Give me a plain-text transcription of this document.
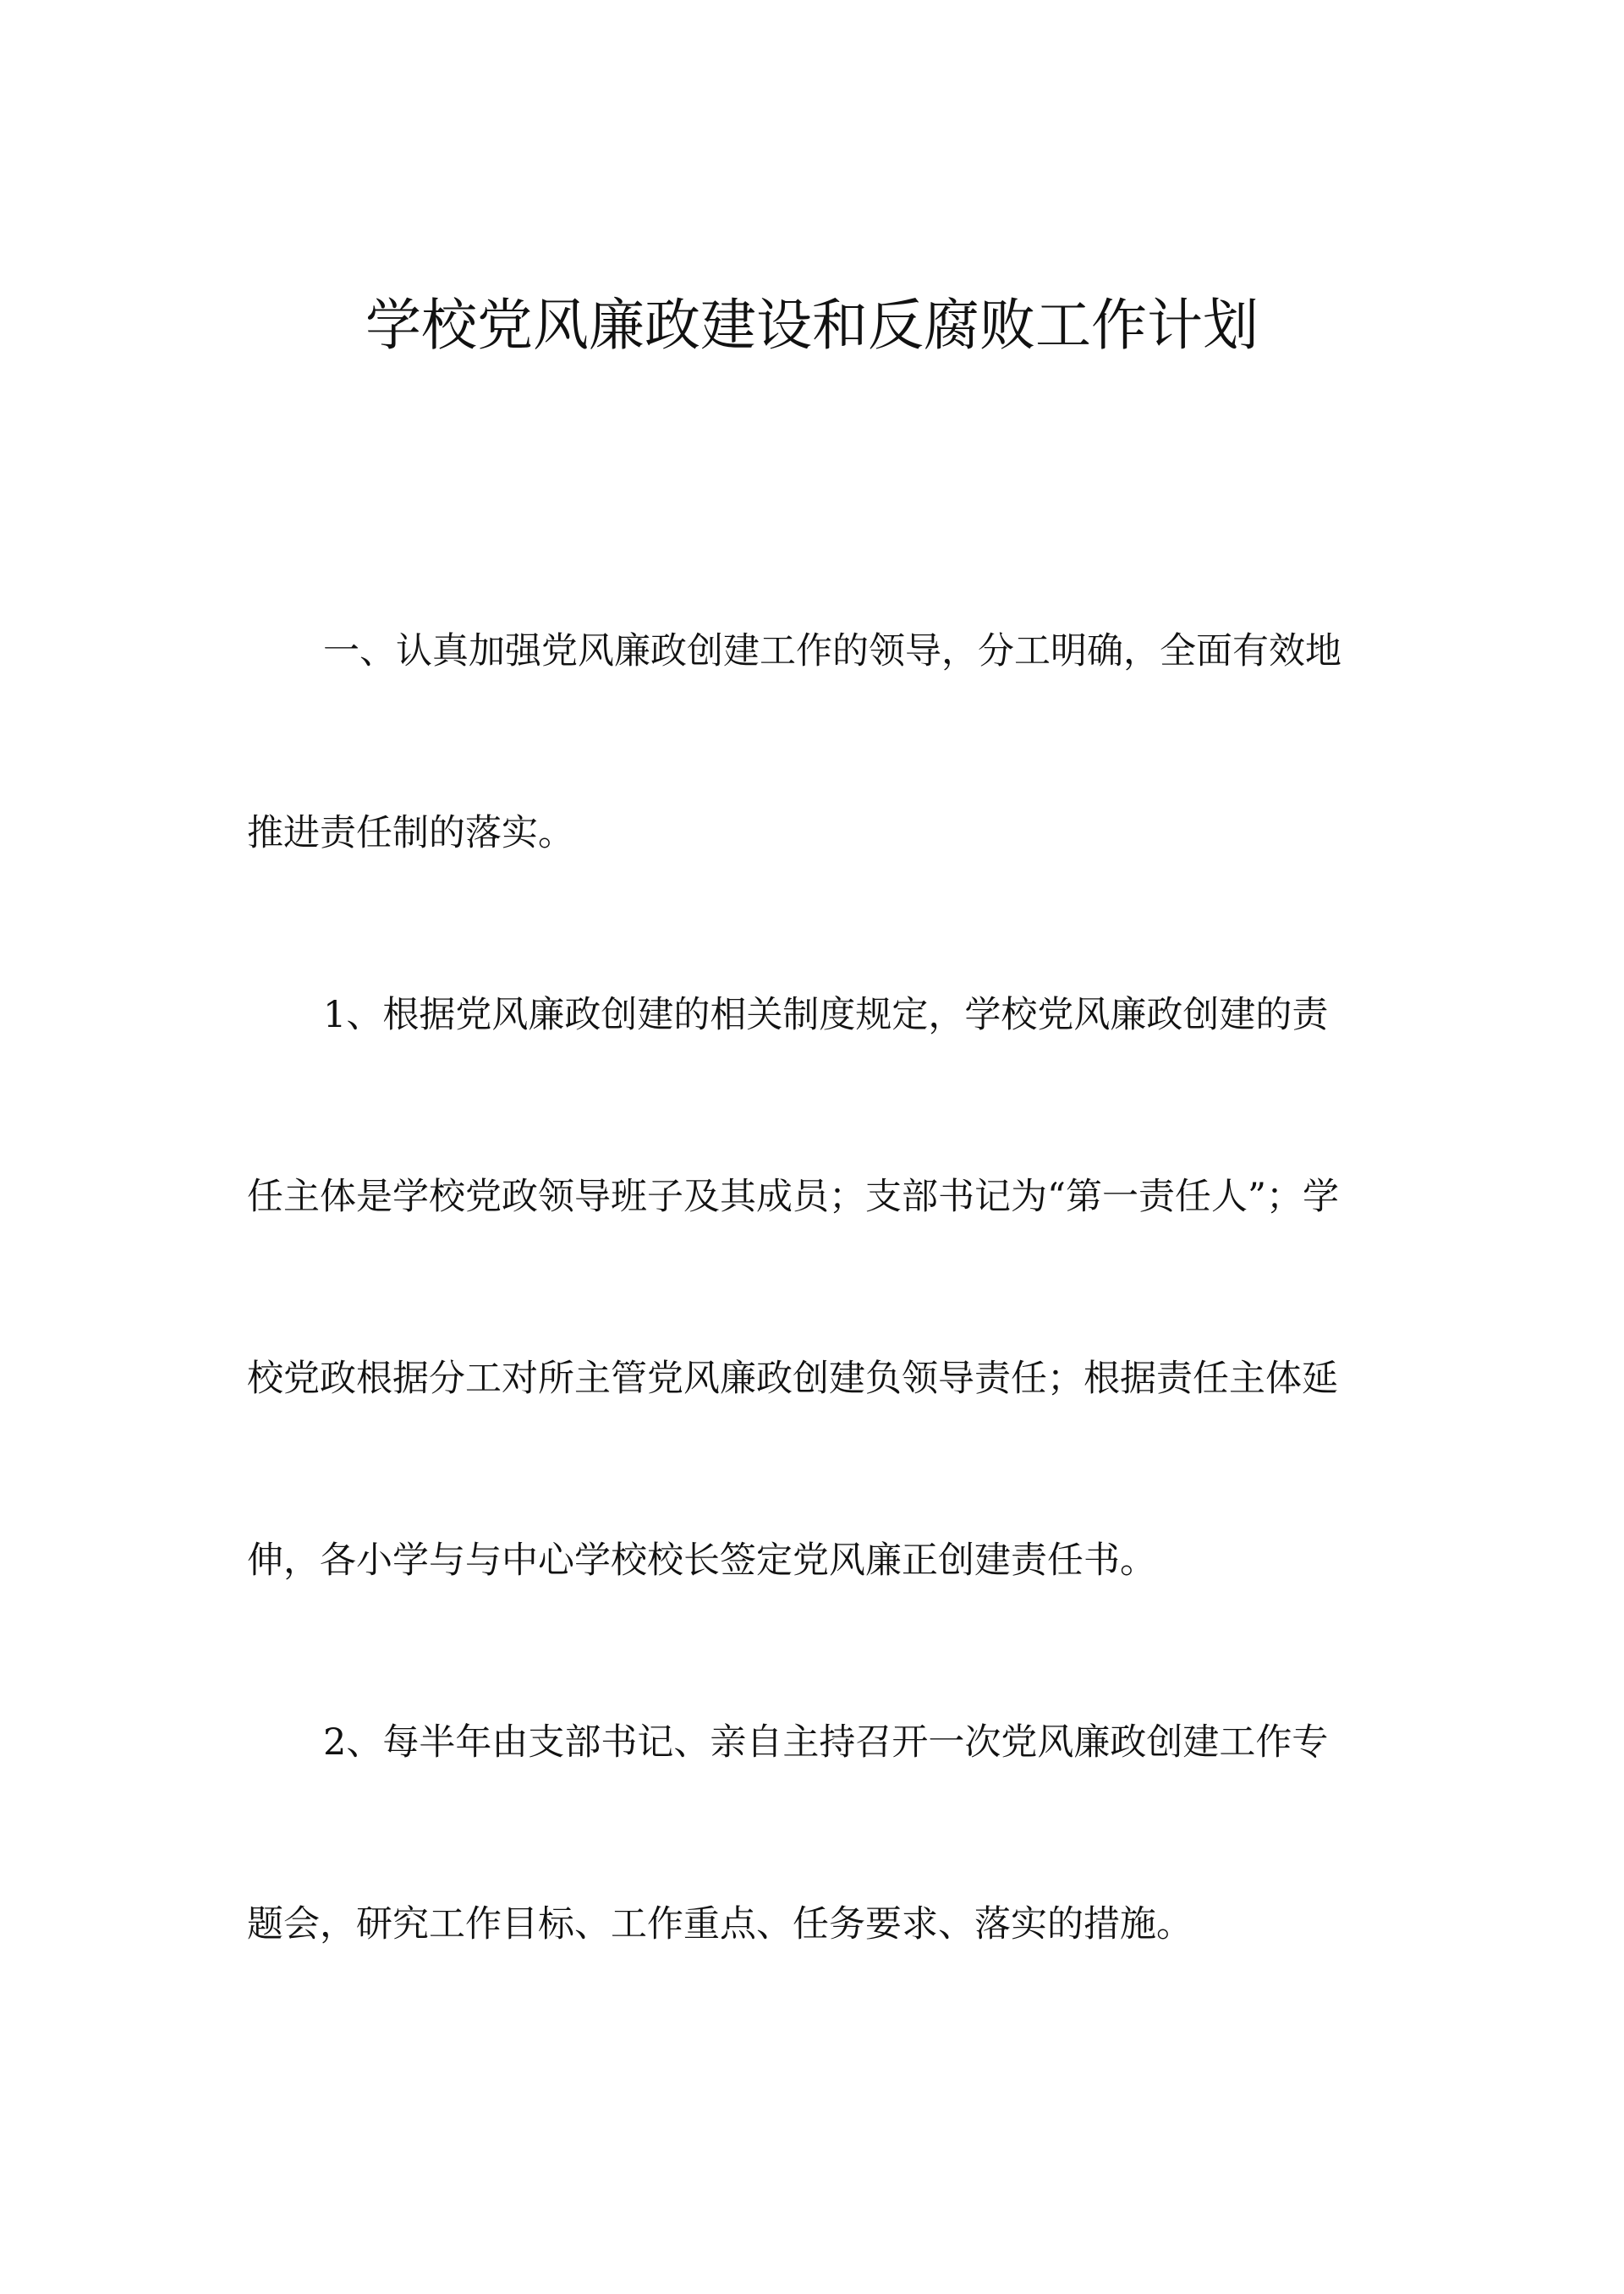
学校党风廉政建设和反腐败工作计划
一、认真加强党风廉政创建工作的领导，分工明确，全面有效地
推进责任制的落实。
1、根据党风廉政创建的相关制度规定，学校党风廉政创建的责
任主体是学校党政领导班子及其成员；支部书记为“第一责任人”；学
校党政根据分工对所主管党风廉政创建负领导责任；根据责任主体延
伸，各小学与与中心学校校长签定党风廉正创建责任书。
2、每半年由支部书记、亲自主持召开一次党风廉政创建工作专
题会，研究工作目标、工作重点、任务要求、落实的措施。
